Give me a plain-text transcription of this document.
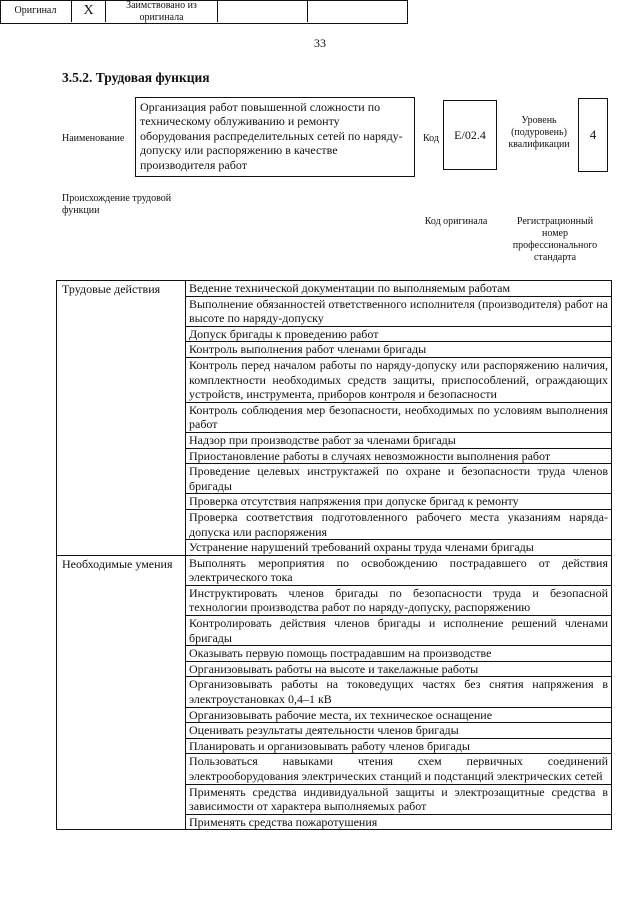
33
3.5.2. Трудовая функция
Наименование
Организация работ повышенной сложности по техническому облуживанию и ремонту оборудования распределительных сетей по наряду-допуску или распоряжению в качестве производителя работ
Код	E/02.4
Уровень (подуровень) квалификации
4
Происхождение трудовой функции
Оригинал	X	Заимствовано из оригинала
Код оригинала	Регистрационный номер профессионального стандарта
Трудовые действия	Ведение технической документации по выполняемым работам
	Выполнение обязанностей ответственного исполнителя (производителя) работ на высоте по наряду-допуску
	Допуск бригады к проведению работ
	Контроль выполнения работ членами бригады
	Контроль перед началом работы по наряду-допуску или распоряжению наличия, комплектности необходимых средств защиты, приспособлений, ограждающих устройств, инструмента, приборов контроля и безопасности
	Контроль соблюдения мер безопасности, необходимых по условиям выполнения работ
	Надзор при производстве работ за членами бригады
	Приостановление работы в случаях невозможности выполнения работ
	Проведение целевых инструктажей по охране и безопасности труда членов бригады
	Проверка отсутствия напряжения при допуске бригад к ремонту
	Проверка соответствия подготовленного рабочего места указаниям наряда-допуска или распоряжения
	Устранение нарушений требований охраны труда членами бригады
Необходимые умения	Выполнять мероприятия по освобождению пострадавшего от действия электрического тока
	Инструктировать членов бригады по безопасности труда и безопасной технологии производства работ по наряду-допуску, распоряжению
	Контролировать действия членов бригады и исполнение решений членами бригады
	Оказывать первую помощь пострадавшим на производстве
	Организовывать работы на высоте и такелажные работы
	Организовывать работы на токоведущих частях без снятия напряжения в электроустановках 0,4–1 кВ
	Организовывать рабочие места, их техническое оснащение
	Оценивать результаты деятельности членов бригады
	Планировать и организовывать работу членов бригады
	Пользоваться навыками чтения схем первичных соединений электрооборудования электрических станций и подстанций электрических сетей
	Применять средства индивидуальной защиты и электрозащитные средства в зависимости от характера выполняемых работ
	Применять средства пожаротушения
